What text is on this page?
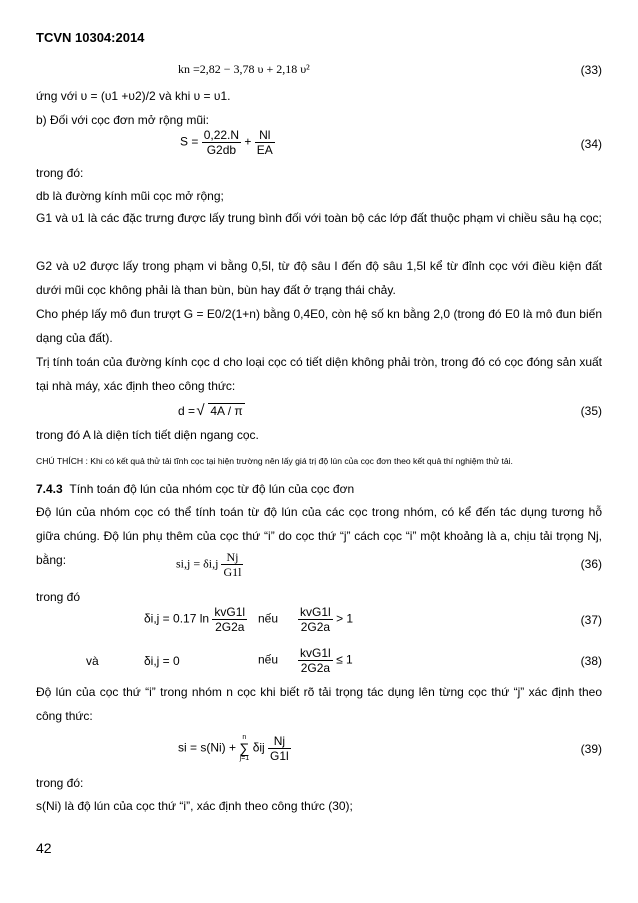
TCVN 10304:2014
kn =2,82 − 3,78 υ + 2,18 υ²	(33)
ứng với υ = (υ1 +υ2)/2 và khi υ = υ1.
b) Đối với cọc đơn mở rộng mũi:
$S = \frac{0,22.N}{G2db} + \frac{Nl}{EA}$	(34)
trong đó:
db là đường kính mũi cọc mở rộng;
G1 và υ1 là các đặc trưng được lấy trung bình đối với toàn bộ các lớp đất thuộc phạm vi chiều sâu hạ cọc;
G2 và υ2 được lấy trong phạm vi bằng 0,5l, từ độ sâu l đến độ sâu 1,5l kể từ đỉnh cọc với điều kiện đất dưới mũi cọc không phải là than bùn, bùn hay đất ở trạng thái chảy.
Cho phép lấy mô đun trượt G = E0/2(1+n) bằng 0,4E0, còn hệ số kn bằng 2,0 (trong đó E0 là mô đun biến dạng của đất).
Trị tính toán của đường kính cọc d cho loại cọc có tiết diện không phải tròn, trong đó có cọc đóng sản xuất tại nhà máy, xác định theo công thức:
d = √ 4A / π	(35)
trong đó A là diện tích tiết diện ngang cọc.
CHÚ THÍCH : Khi có kết quả thử tải tĩnh cọc tại hiện trường nên lấy giá trị độ lún của cọc đơn theo kết quả thí nghiệm thử tải.
7.4.3 Tính toán độ lún của nhóm cọc từ độ lún của cọc đơn
Độ lún của nhóm cọc có thể tính toán từ độ lún của các cọc trong nhóm, có kể đến tác dụng tương hỗ giữa chúng. Độ lún phụ thêm của cọc thứ “i” do cọc thứ “j” cách cọc “i” một khoảng là a, chịu tải trọng Nj, bằng:	$si,j = \delta i,j \frac{Nj}{G1l}$	(36)
trong đó
δi,j = 0.17 $\ln \frac{\text{kvG1l}}{2G2a}$ nếu $\frac{\text{kvG1l}}{2G2a} > 1$	(37)
và	δi,j = 0	nếu $\frac{\text{kvG1l}}{2G2a} \le 1$	(38)
Độ lún của cọc thứ “i” trong nhóm n cọc khi biết rõ tải trọng tác dụng lên từng cọc thứ “j” xác định theo công thức:
si = s(Ni) +
n
∑
j=1
δij $\frac{Nj}{G1l}$	(39)
trong đó:
s(Ni) là độ lún của cọc thứ “i”, xác định theo công thức (30);
42
